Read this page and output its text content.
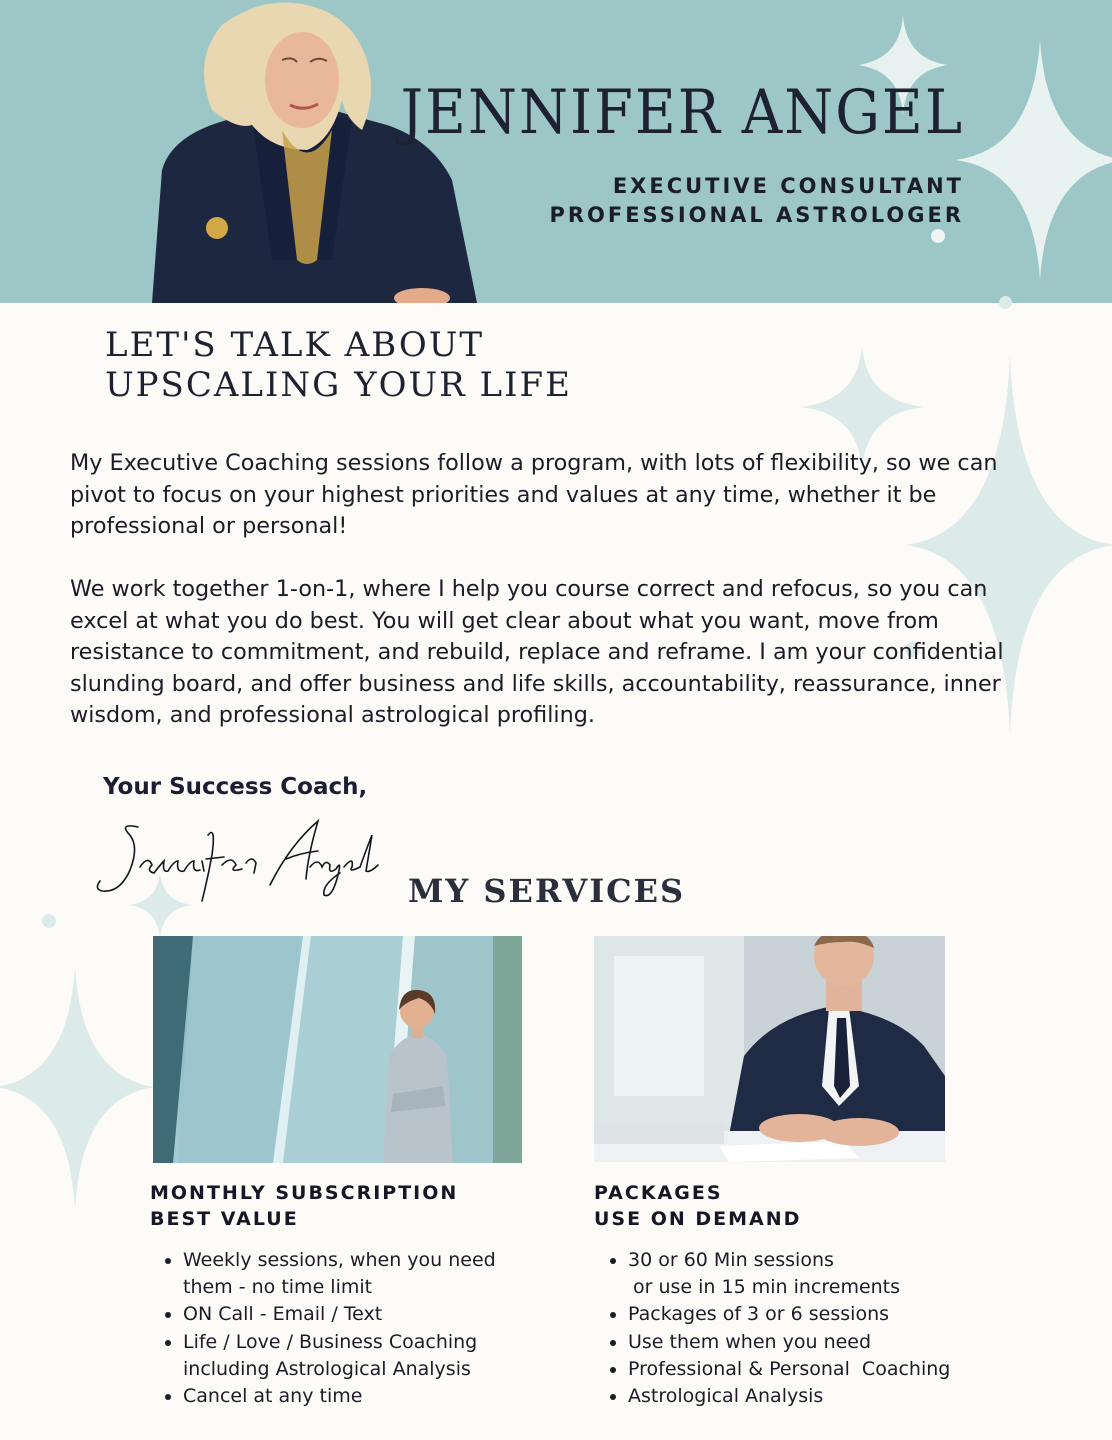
JENNIFER ANGEL
EXECUTIVE CONSULTANT
PROFESSIONAL ASTROLOGER
LET'S TALK ABOUT
UPSCALING YOUR LIFE

My Executive Coaching sessions follow a program, with lots of flexibility, so we can pivot to focus on your highest priorities and values at any time, whether it be professional or personal!

We work together 1-on-1, where I help you course correct and refocus, so you can excel at what you do best. You will get clear about what you want, move from resistance to commitment, and rebuild, replace and reframe. I am your confidential slunding board, and offer business and life skills, accountability, reassurance, inner wisdom, and professional astrological profiling.

Your Success Coach,

MY SERVICES
MONTHLY SUBSCRIPTION
BEST VALUE
• Weekly sessions, when you need them - no time limit
• ON Call - Email / Text
• Life / Love / Business Coaching including Astrological Analysis
• Cancel at any time
PACKAGES
USE ON DEMAND
• 30 or 60 Min sessions
or use in 15 min increments
• Packages of 3 or 6 sessions
• Use them when you need
• Professional & Personal  Coaching
• Astrological Analysis
